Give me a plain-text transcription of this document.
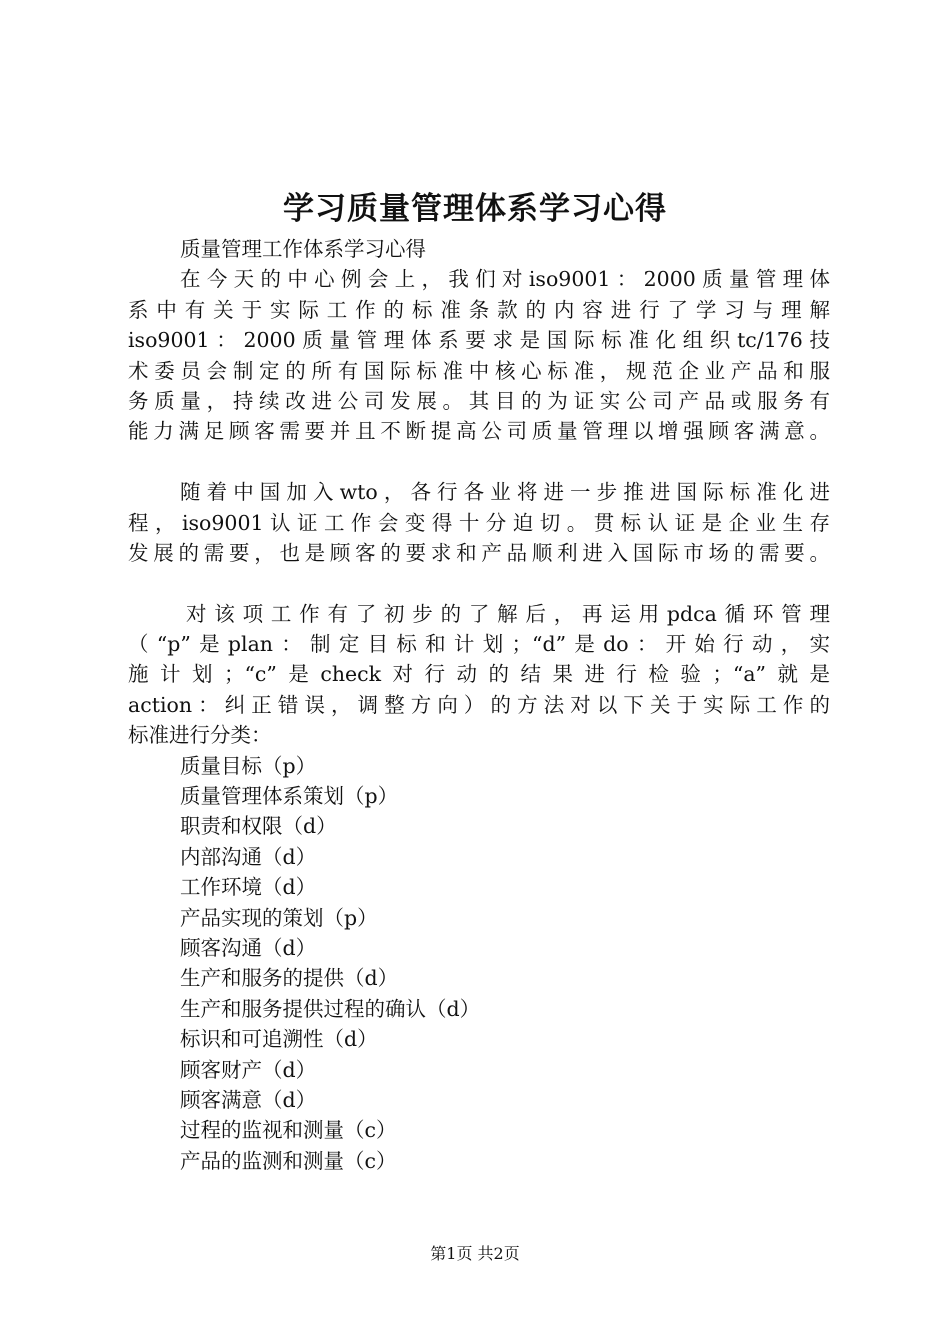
学习质量管理体系学习心得
质量管理工作体系学习心得
在今天的中心例会上，我们对iso9001：2000质量管理体
系中有关于实际工作的标准条款的内容进行了学习与理解
iso9001：2000质量管理体系要求是国际标准化组织tc/176技
术委员会制定的所有国际标准中核心标准，规范企业产品和服
务质量，持续改进公司发展。其目的为证实公司产品或服务有
能力满足顾客需要并且不断提高公司质量管理以增强顾客满意。
随着中国加入wto，各行各业将进一步推进国际标准化进
程，iso9001认证工作会变得十分迫切。贯标认证是企业生存
发展的需要，也是顾客的要求和产品顺利进入国际市场的需要。
对该项工作有了初步的了解后，再运用pdca循环管理
（“p”是plan：制定目标和计划；“d”是do：开始行动，实
施计划；“c”是check对行动的结果进行检验；“a”就是
action：纠正错误，调整方向）的方法对以下关于实际工作的
标准进行分类：
质量目标（p）
质量管理体系策划（p）
职责和权限（d）
内部沟通（d）
工作环境（d）
产品实现的策划（p）
顾客沟通（d）
生产和服务的提供（d）
生产和服务提供过程的确认（d）
标识和可追溯性（d）
顾客财产（d）
顾客满意（d）
过程的监视和测量（c）
产品的监测和测量（c）
第1页 共2页
